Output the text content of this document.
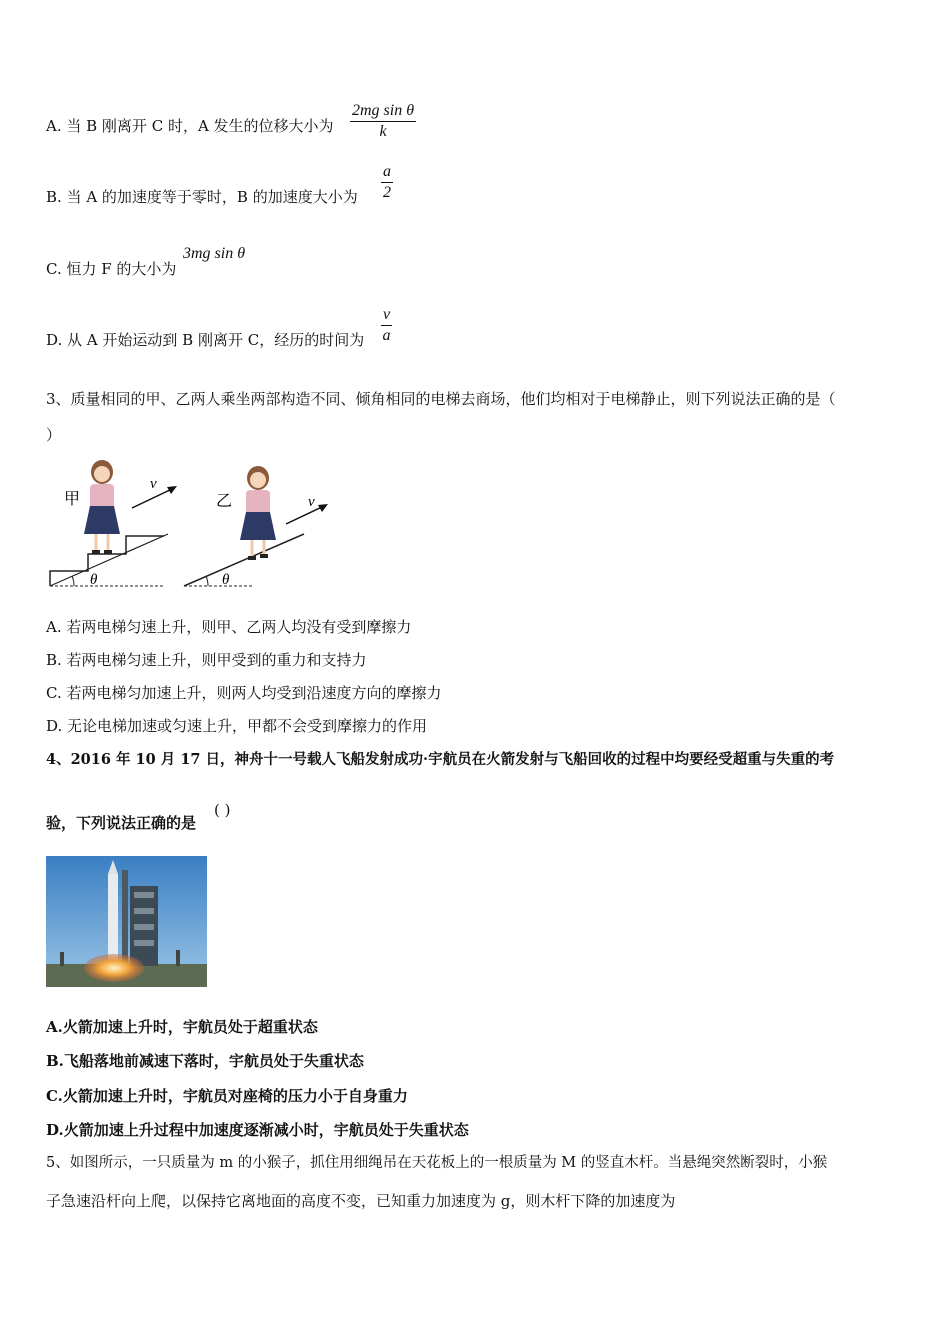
A. 当 B 刚离开 C 时，A 发生的位移大小为 $\frac{\text{2mg sin θ}}{k}$
B. 当 A 的加速度等于零时，B 的加速度大小为 $\frac{a}{2}$
C. 恒力 F 的大小为
3mg sin θ
D. 从 A 开始运动到 B 刚离开 C，经历的时间为 $\frac{v}{a}$
3、质量相同的甲、乙两人乘坐两部构造不同、倾角相同的电梯去商场，他们均相对于电梯静止，则下列说法正确的是（
）
θ
甲
v
θ
乙	v
A. 若两电梯匀速上升，则甲、乙两人均没有受到摩擦力
B. 若两电梯匀速上升，则甲受到的重力和支持力
C. 若两电梯匀加速上升，则两人均受到沿速度方向的摩擦力
D. 无论电梯加速或匀速上升，甲都不会受到摩擦力的作用
4、2016 年 10 月 17 日，神舟十一号载人飞船发射成功·宇航员在火箭发射与飞船回收的过程中均要经受超重与失重的考
验，下列说法正确的是
( )
A.火箭加速上升时，宇航员处于超重状态
B.飞船落地前减速下落时，宇航员处于失重状态
C.火箭加速上升时，宇航员对座椅的压力小于自身重力
D.火箭加速上升过程中加速度逐渐减小时，宇航员处于失重状态
5、如图所示，一只质量为 m 的小猴子，抓住用细绳吊在天花板上的一根质量为 M 的竖直木杆。当悬绳突然断裂时，小猴
子急速沿杆向上爬，以保持它离地面的高度不变，已知重力加速度为 g，则木杆下降的加速度为
